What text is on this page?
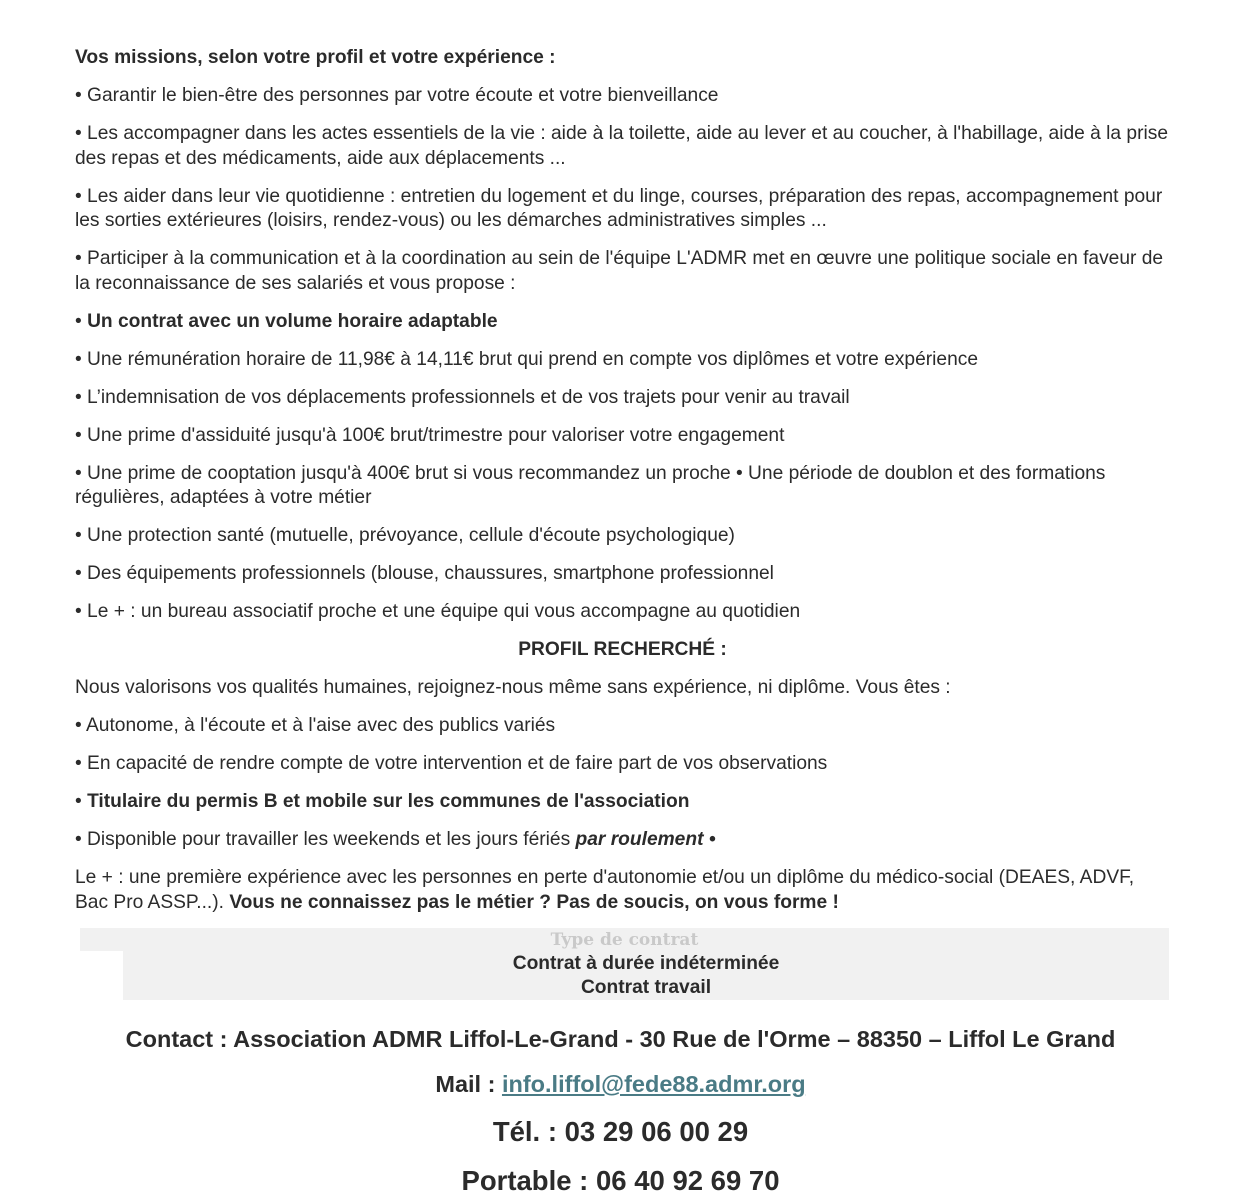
Vos missions, selon votre profil et votre expérience :

• Garantir le bien-être des personnes par votre écoute et votre bienveillance

• Les accompagner dans les actes essentiels de la vie : aide à la toilette, aide au lever et au coucher, à l'habillage, aide à la prise des repas et des médicaments, aide aux déplacements ...

• Les aider dans leur vie quotidienne : entretien du logement et du linge, courses, préparation des repas, accompagnement pour les sorties extérieures (loisirs, rendez-vous) ou les démarches administratives simples ...

• Participer à la communication et à la coordination au sein de l'équipe L'ADMR met en œuvre une politique sociale en faveur de la reconnaissance de ses salariés et vous propose :

• Un contrat avec un volume horaire adaptable

• Une rémunération horaire de 11,98€ à 14,11€ brut qui prend en compte vos diplômes et votre expérience

• L’indemnisation de vos déplacements professionnels et de vos trajets pour venir au travail

• Une prime d'assiduité jusqu'à 100€ brut/trimestre pour valoriser votre engagement

• Une prime de cooptation jusqu'à 400€ brut si vous recommandez un proche • Une période de doublon et des formations régulières, adaptées à votre métier

• Une protection santé (mutuelle, prévoyance, cellule d'écoute psychologique)

• Des équipements professionnels (blouse, chaussures, smartphone professionnel

• Le + : un bureau associatif proche et une équipe qui vous accompagne au quotidien

PROFIL RECHERCHÉ :

Nous valorisons vos qualités humaines, rejoignez-nous même sans expérience, ni diplôme. Vous êtes :

• Autonome, à l'écoute et à l'aise avec des publics variés

• En capacité de rendre compte de votre intervention et de faire part de vos observations

• Titulaire du permis B et mobile sur les communes de l'association

• Disponible pour travailler les weekends et les jours fériés par roulement •

Le + : une première expérience avec les personnes en perte d'autonomie et/ou un diplôme du médico-social (DEAES, ADVF, Bac Pro ASSP...). Vous ne connaissez pas le métier ? Pas de soucis, on vous forme !

Type de contrat
Contrat à durée indéterminée
Contrat travail
Contact : Association ADMR Liffol-Le-Grand - 30 Rue de l'Orme – 88350 – Liffol Le Grand
Mail : info.liffol@fede88.admr.org
Tél. : 03 29 06 00 29
Portable : 06 40 92 69 70
